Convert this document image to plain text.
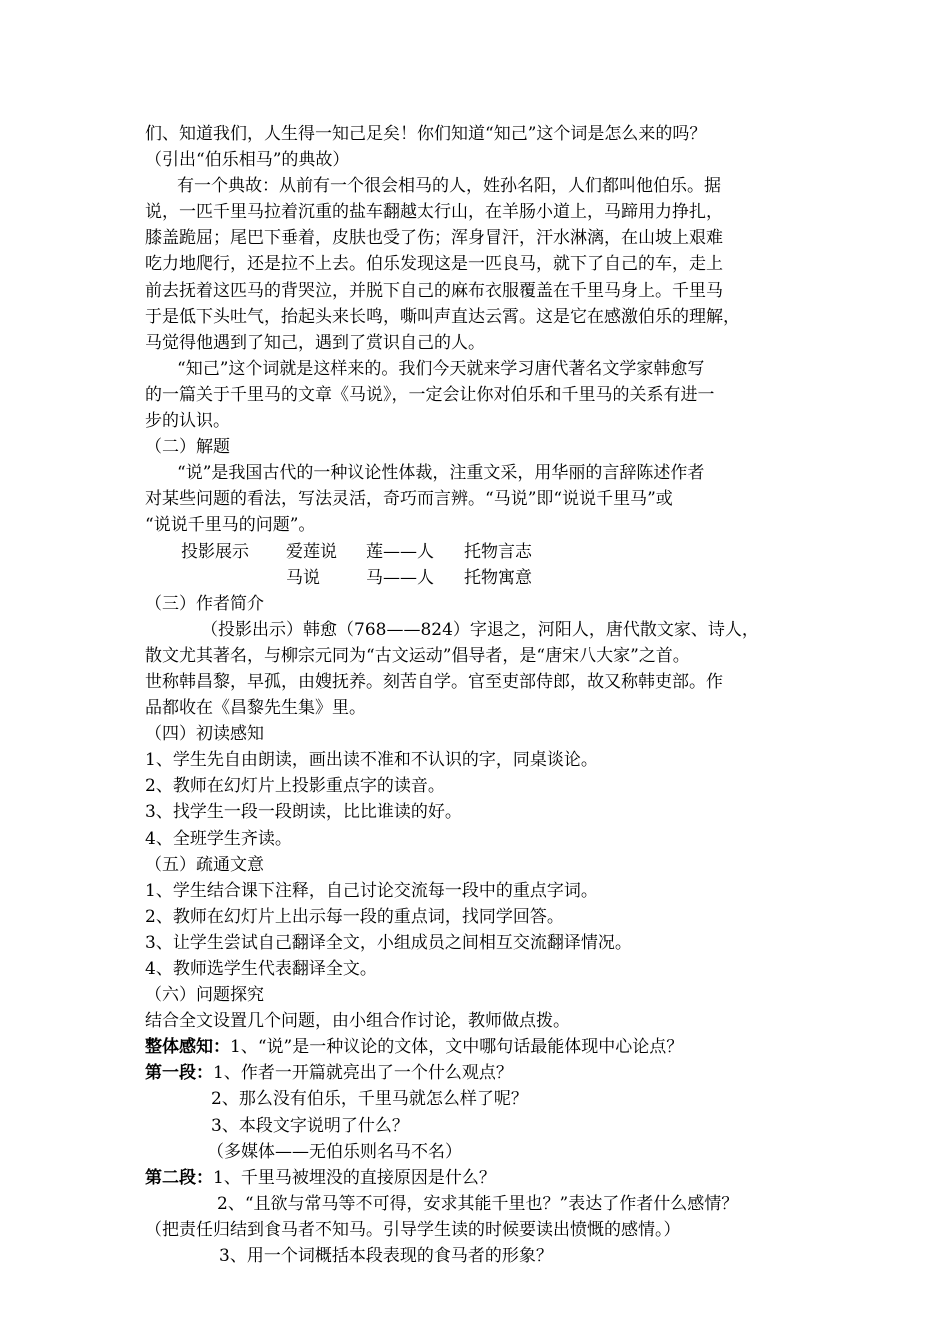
们、知道我们，人生得一知己足矣！你们知道“知己”这个词是怎么来的吗？
（引出“伯乐相马”的典故）
有一个典故：从前有一个很会相马的人，姓孙名阳，人们都叫他伯乐。据
说，一匹千里马拉着沉重的盐车翻越太行山，在羊肠小道上，马蹄用力挣扎，
膝盖跪屈；尾巴下垂着，皮肤也受了伤；浑身冒汗，汗水淋漓，在山坡上艰难
吃力地爬行，还是拉不上去。伯乐发现这是一匹良马，就下了自己的车，走上
前去抚着这匹马的背哭泣，并脱下自己的麻布衣服覆盖在千里马身上。千里马
于是低下头吐气，抬起头来长鸣，嘶叫声直达云霄。这是它在感激伯乐的理解，
马觉得他遇到了知己，遇到了赏识自己的人。
“知己”这个词就是这样来的。我们今天就来学习唐代著名文学家韩愈写
的一篇关于千里马的文章《马说》，一定会让你对伯乐和千里马的关系有进一
步的认识。
（二）解题
“说”是我国古代的一种议论性体裁，注重文采，用华丽的言辞陈述作者
对某些问题的看法，写法灵活，奇巧而言辨。“马说”即“说说千里马”或
“说说千里马的问题”。
投影展示 爱莲说 莲——人 托物言志
马说	马——人 托物寓意
（三）作者简介
（投影出示）韩愈（768——824）字退之，河阳人，唐代散文家、诗人，
散文尤其著名，与柳宗元同为“古文运动”倡导者，是“唐宋八大家”之首。
世称韩昌黎，早孤，由嫂抚养。刻苦自学。官至吏部侍郎，故又称韩吏部。作
品都收在《昌黎先生集》里。
（四）初读感知
1、学生先自由朗读，画出读不准和不认识的字，同桌谈论。
2、教师在幻灯片上投影重点字的读音。
3、找学生一段一段朗读，比比谁读的好。
4、全班学生齐读。
（五）疏通文意
1、学生结合课下注释，自己讨论交流每一段中的重点字词。
2、教师在幻灯片上出示每一段的重点词，找同学回答。
3、让学生尝试自己翻译全文，小组成员之间相互交流翻译情况。
4、教师选学生代表翻译全文。
（六）问题探究
结合全文设置几个问题，由小组合作讨论，教师做点拨。
整体感知：1、“说”是一种议论的文体，文中哪句话最能体现中心论点？
第一段：1、作者一开篇就亮出了一个什么观点？
2、那么没有伯乐，千里马就怎么样了呢？
3、本段文字说明了什么？
（多媒体——无伯乐则名马不名）
第二段：1、千里马被埋没的直接原因是什么？
2、“且欲与常马等不可得，安求其能千里也？”表达了作者什么感情？
（把责任归结到食马者不知马。引导学生读的时候要读出愤慨的感情。）
3、用一个词概括本段表现的食马者的形象？
